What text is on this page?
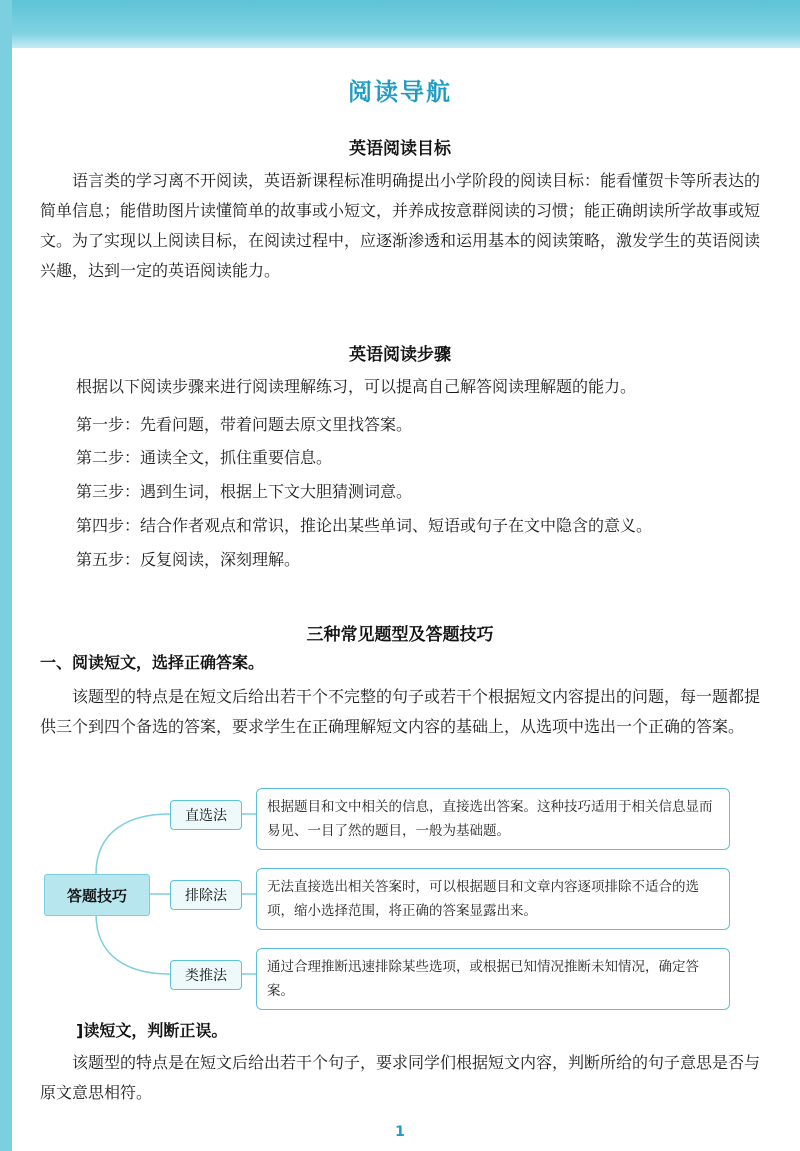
阅读导航
英语阅读目标
语言类的学习离不开阅读，英语新课程标准明确提出小学阶段的阅读目标：能看懂贺卡等所表达的简单信息；能借助图片读懂简单的故事或小短文，并养成按意群阅读的习惯；能正确朗读所学故事或短文。为了实现以上阅读目标，在阅读过程中，应逐渐渗透和运用基本的阅读策略，激发学生的英语阅读兴趣，达到一定的英语阅读能力。
英语阅读步骤
根据以下阅读步骤来进行阅读理解练习，可以提高自己解答阅读理解题的能力。
第一步：先看问题，带着问题去原文里找答案。
第二步：通读全文，抓住重要信息。
第三步：遇到生词，根据上下文大胆猜测词意。
第四步：结合作者观点和常识，推论出某些单词、短语或句子在文中隐含的意义。
第五步：反复阅读，深刻理解。
三种常见题型及答题技巧
一、阅读短文，选择正确答案。
该题型的特点是在短文后给出若干个不完整的句子或若干个根据短文内容提出的问题，每一题都提供三个到四个备选的答案，要求学生在正确理解短文内容的基础上，从选项中选出一个正确的答案。
答题技巧
直选法
根据题目和文中相关的信息，直接选出答案。这种技巧适用于相关信息显而易见、一目了然的题目，一般为基础题。
排除法
无法直接选出相关答案时，可以根据题目和文章内容逐项排除不适合的选项，缩小选择范围，将正确的答案显露出来。
类推法
通过合理推断迅速排除某些选项，或根据已知情况推断未知情况，确定答案。
]读短文，判断正误。
该题型的特点是在短文后给出若干个句子，要求同学们根据短文内容，判断所给的句子意思是否与原文意思相符。
1
